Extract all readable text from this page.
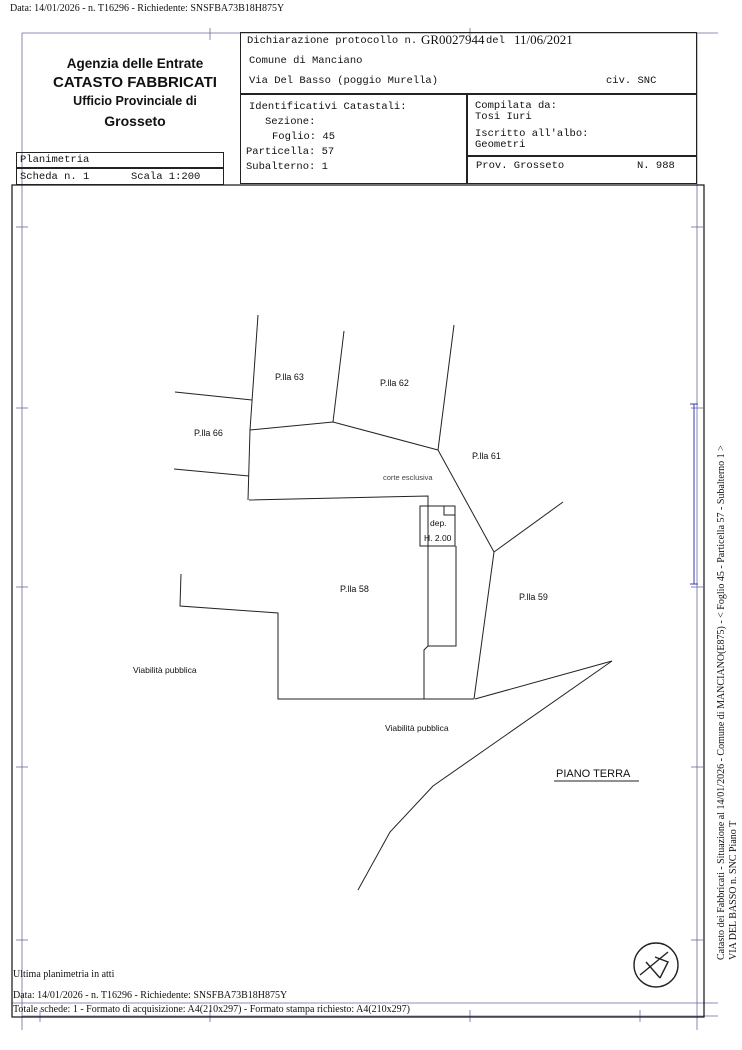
Data: 14/01/2026 - n. T16296 - Richiedente: SNSFBA73B18H875Y
Agenzia delle Entrate
CATASTO FABBRICATI
Ufficio Provinciale di
Grosseto
Dichiarazione protocollo n. GR0027944 del 11/06/2021
Comune di Manciano
Via Del Basso (poggio Murella)	civ. SNC
Identificativi Catastali:
Sezione:
Foglio: 45
Particella: 57
Subalterno: 1
Compilata da:
Tosi Iuri
Iscritto all'albo:
Geometri
Prov. Grosseto	N. 988
Planimetria
Scheda n. 1	Scala 1:200
P.lla 63
P.lla 62
P.lla 66
P.lla 61
corte esclusiva
dep.
H. 2.00
P.lla 58
P.lla 59
Viabilità pubblica
Viabilità pubblica
PIANO TERRA	Catasto dei Fabbricati - Situazione al 14/01/2026 - Comune di MANCIANO(E875) - < Foglio 45 - Particella 57 - Subalterno 1 > VIA DEL BASSO n. SNC Piano T
Ultima planimetria in atti
Data: 14/01/2026 - n. T16296 - Richiedente: SNSFBA73B18H875Y
Totale schede: 1 - Formato di acquisizione: A4(210x297) - Formato stampa richiesto: A4(210x297)
